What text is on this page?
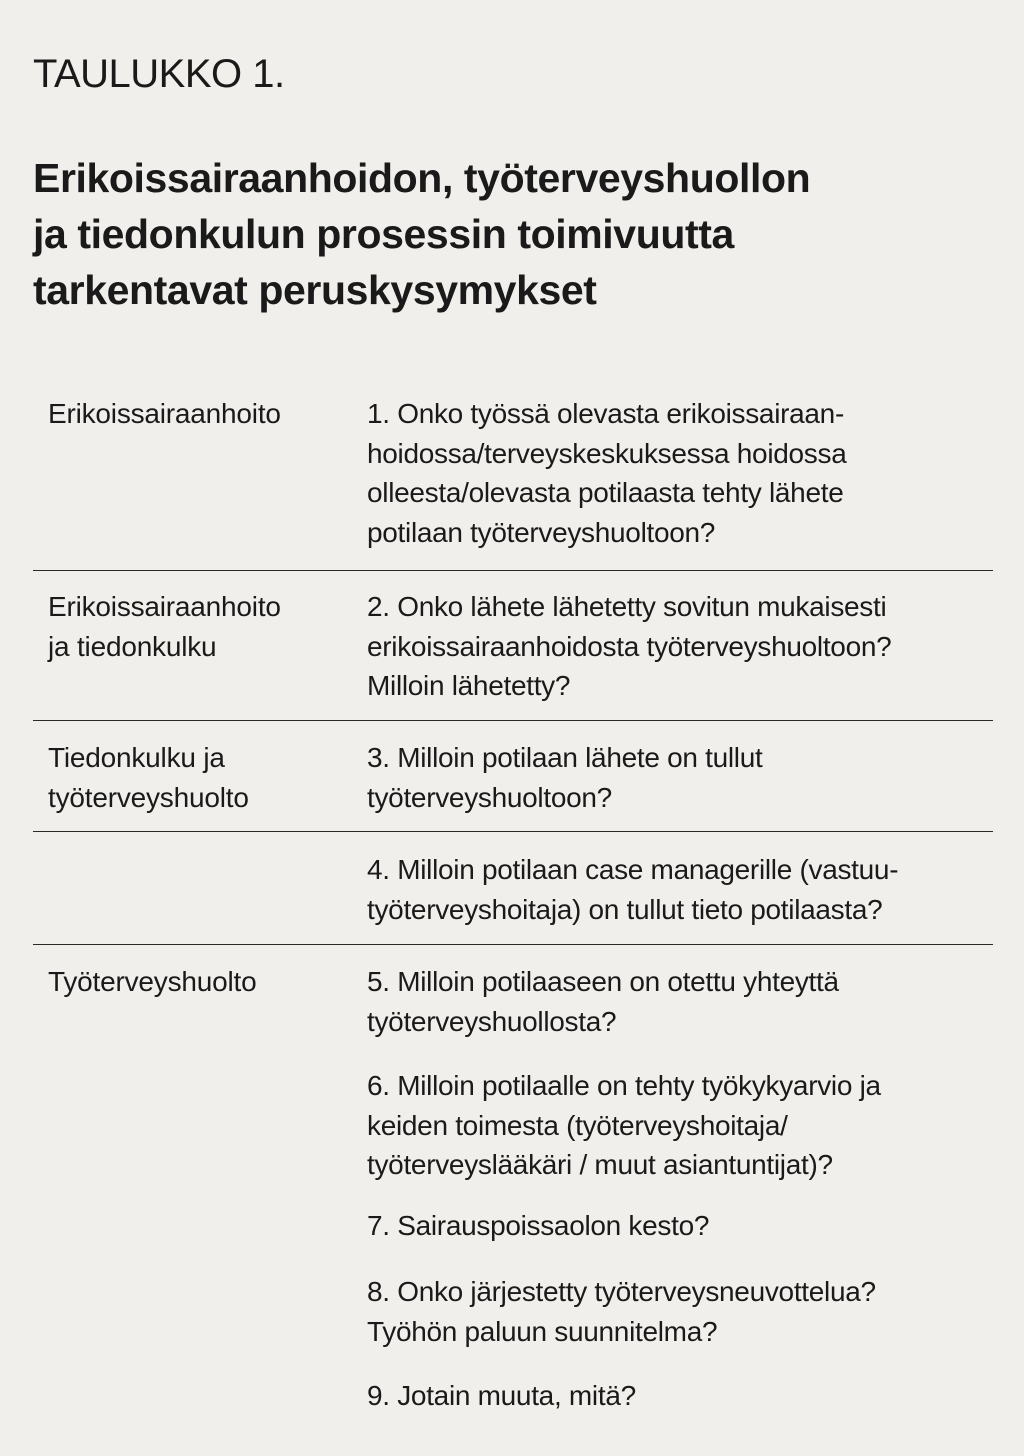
TAULUKKO 1.
Erikoissairaanhoidon, työterveyshuollon
ja tiedonkulun prosessin toimivuutta
tarkentavat peruskysymykset
Erikoissairaanhoito	1. Onko työssä olevasta erikoissairaan-
hoidossa/terveyskeskuksessa hoidossa
olleesta/olevasta potilaasta tehty lähete
potilaan työterveyshuoltoon?
Erikoissairaanhoito
ja tiedonkulku
2. Onko lähete lähetetty sovitun mukaisesti
erikoissairaanhoidosta työterveyshuoltoon?
Milloin lähetetty?
Tiedonkulku ja
työterveyshuolto
3. Milloin potilaan lähete on tullut
työterveyshuoltoon?
4. Milloin potilaan case managerille (vastuu-
työterveyshoitaja) on tullut tieto potilaasta?
Työterveyshuolto	5. Milloin potilaaseen on otettu yhteyttä
työterveyshuollosta?
6. Milloin potilaalle on tehty työkykyarvio ja
keiden toimesta (työterveyshoitaja/
työterveyslääkäri / muut asiantuntijat)?
7. Sairauspoissaolon kesto?
8. Onko järjestetty työterveysneuvottelua?
Työhön paluun suunnitelma?
9. Jotain muuta, mitä?
